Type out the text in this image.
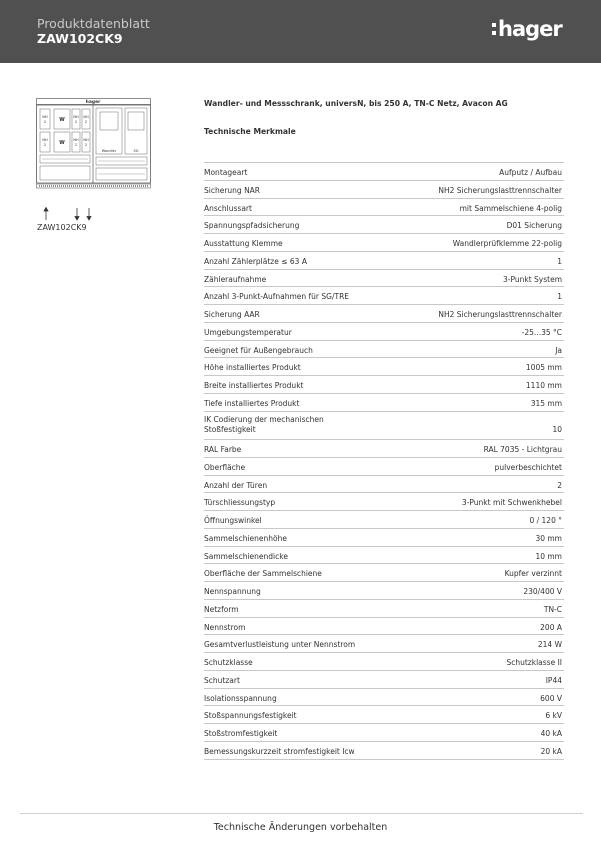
Produktdatenblatt
ZAW102CK9	hager
hager
NH
2	W NH
2
NH
2
NH
2	W NH
2
NH
2
Wandler	SG
ZAW102CK9
Wandler- und Messschrank, universN, bis 250 A, TN-C Netz, Avacon AG
Technische Merkmale
Montageart	Aufputz / Aufbau
Sicherung NAR	NH2 Sicherungslasttrennschalter
Anschlussart	mit Sammelschiene 4-polig
Spannungspfadsicherung	D01 Sicherung
Ausstattung Klemme	Wandlerprüfklemme 22-polig
Anzahl Zählerplätze ≤ 63 A	1
Zähleraufnahme	3-Punkt System
Anzahl 3-Punkt-Aufnahmen für SG/TRE	1
Sicherung AAR	NH2 Sicherungslasttrennschalter
Umgebungstemperatur	-25...35 °C
Geeignet für Außengebrauch	Ja
Höhe installiertes Produkt	1005 mm
Breite installiertes Produkt	1110 mm
Tiefe installiertes Produkt	315 mm
IK Codierung der mechanischen Stoßfestigkeit	10
RAL Farbe	RAL 7035 - Lichtgrau
Oberfläche	pulverbeschichtet
Anzahl der Türen	2
Türschliessungstyp	3-Punkt mit Schwenkhebel
Öffnungswinkel	0 / 120 °
Sammelschienenhöhe	30 mm
Sammelschienendicke	10 mm
Oberfläche der Sammelschiene	Kupfer verzinnt
Nennspannung	230/400 V
Netzform	TN-C
Nennstrom	200 A
Gesamtverlustleistung unter Nennstrom	214 W
Schutzklasse	Schutzklasse II
Schutzart	IP44
Isolationsspannung	600 V
Stoßspannungsfestigkeit	6 kV
Stoßstromfestigkeit	40 kA
Bemessungskurzzeit stromfestigkeit Icw	20 kA
Technische Änderungen vorbehalten
